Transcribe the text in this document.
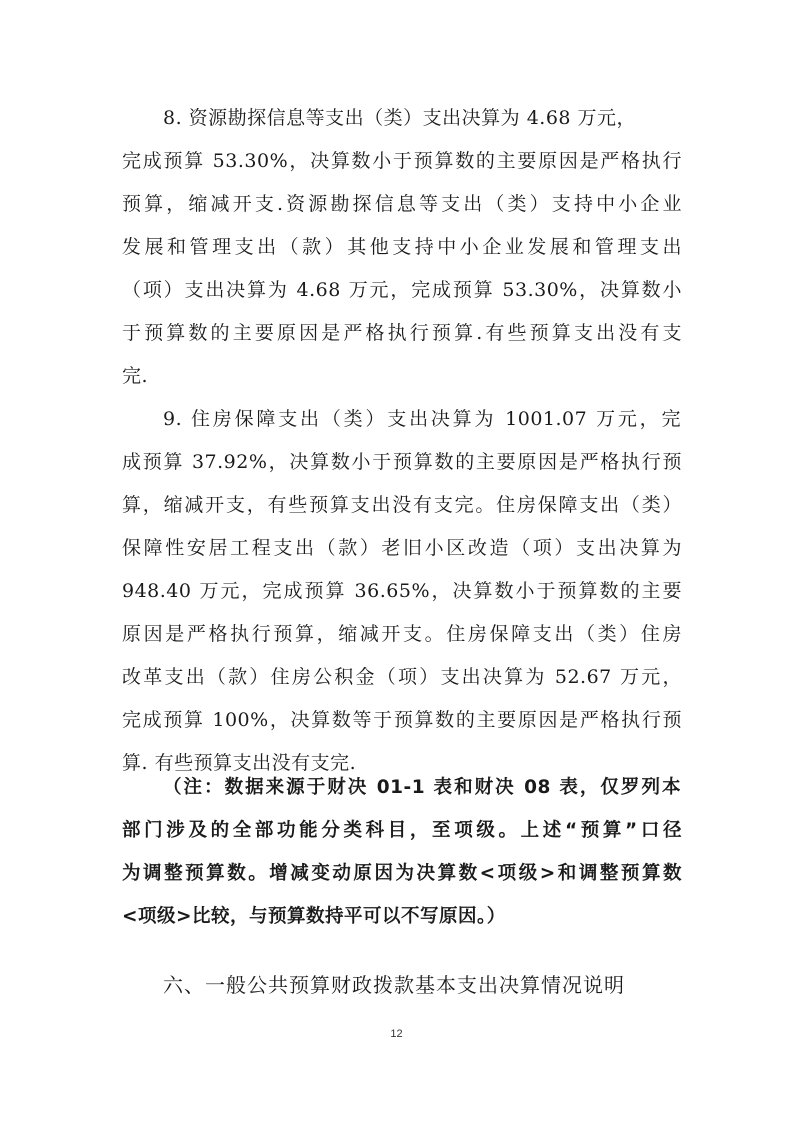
8. 资源勘探信息等支出（类）支出决算为 4.68 万元，
完成预算 53.30%，决算数小于预算数的主要原因是严格执行
预算，缩减开支.资源勘探信息等支出（类）支持中小企业
发展和管理支出（款）其他支持中小企业发展和管理支出
（项）支出决算为 4.68 万元，完成预算 53.30%，决算数小
于预算数的主要原因是严格执行预算.有些预算支出没有支
完.
9. 住房保障支出（类）支出决算为 1001.07 万元，完
成预算 37.92%，决算数小于预算数的主要原因是严格执行预
算，缩减开支，有些预算支出没有支完。住房保障支出（类）
保障性安居工程支出（款）老旧小区改造（项）支出决算为
948.40 万元，完成预算 36.65%，决算数小于预算数的主要
原因是严格执行预算，缩减开支。住房保障支出（类）住房
改革支出（款）住房公积金（项）支出决算为 52.67 万元，
完成预算 100%，决算数等于预算数的主要原因是严格执行预
算. 有些预算支出没有支完.
（注：数据来源于财决 01-1 表和财决 08 表，仅罗列本
部门涉及的全部功能分类科目，至项级。上述“预算”口径
为调整预算数。增减变动原因为决算数<项级>和调整预算数
<项级>比较，与预算数持平可以不写原因。）
六、一般公共预算财政拨款基本支出决算情况说明
12
